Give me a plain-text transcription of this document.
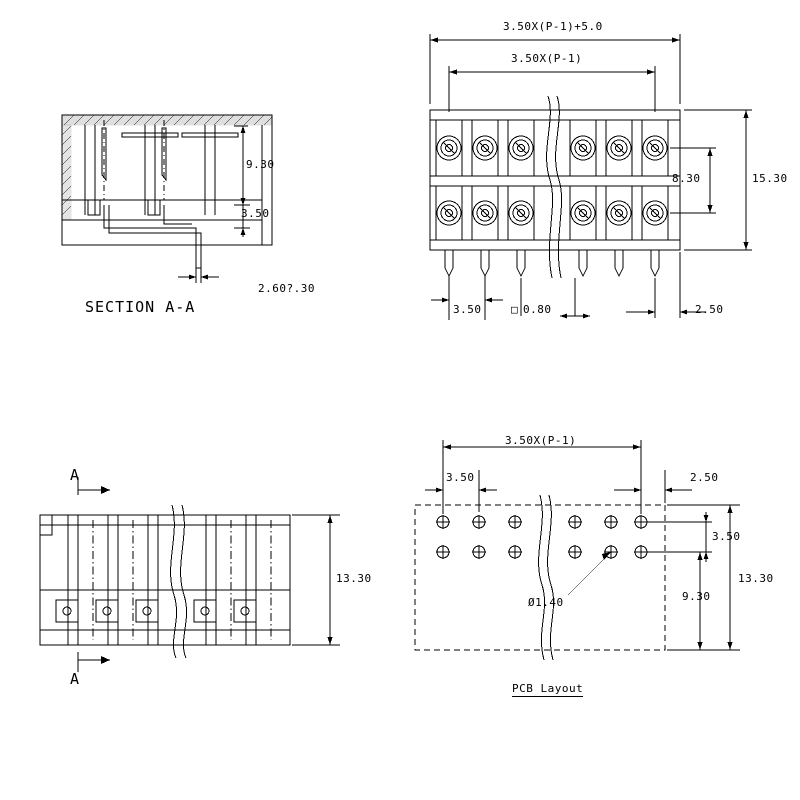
9.30
3.50
2.60?.30
SECTION A-A
3.50X(P-1)+5.0
3.50X(P-1)
15.30
8.30
3.50	□ 0.80	2.50
13.30
A
A
3.50X(P-1)
3.50	2.50
3.50
9.30
13.30
Ø1.40
PCB Layout
